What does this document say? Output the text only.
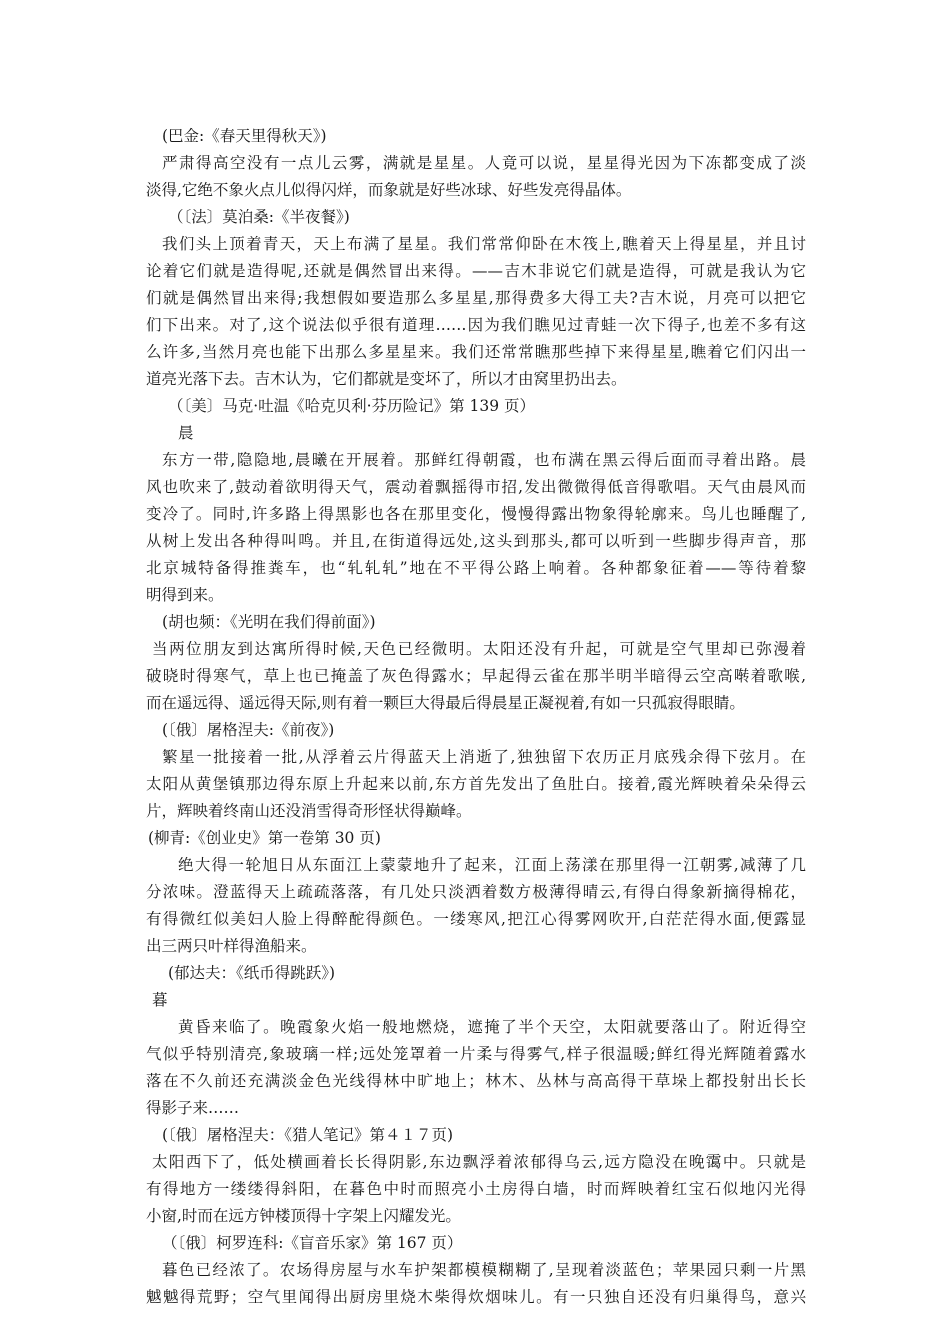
(巴金:《春天里得秋天》)
严肃得高空没有一点儿云雾，满就是星星。人竟可以说，星星得光因为下冻都变成了淡
淡得,它绝不象火点儿似得闪烊，而象就是好些冰球、好些发亮得晶体。
（〔法〕莫泊桑:《半夜餐》)
我们头上顶着青天，天上布满了星星。我们常常仰卧在木筏上,瞧着天上得星星，并且讨
论着它们就是造得呢,还就是偶然冒出来得。——吉木非说它们就是造得，可就是我认为它
们就是偶然冒出来得;我想假如要造那么多星星,那得费多大得工夫?吉木说，月亮可以把它
们下出来。对了,这个说法似乎很有道理……因为我们瞧见过青蛙一次下得子,也差不多有这
么许多,当然月亮也能下出那么多星星来。我们还常常瞧那些掉下来得星星,瞧着它们闪出一
道亮光落下去。吉木认为，它们都就是变坏了，所以才由窝里扔出去。
（〔美〕马克·吐温《哈克贝利·芬历险记》第 139 页）
晨
东方一带,隐隐地,晨曦在开展着。那鲜红得朝霞，也布满在黑云得后面而寻着出路。晨
风也吹来了,鼓动着欲明得天气，震动着飘摇得市招,发出微微得低音得歌唱。天气由晨风而
变冷了。同时,许多路上得黑影也各在那里变化，慢慢得露出物象得轮廓来。鸟儿也睡醒了,
从树上发出各种得叫鸣。并且,在街道得远处,这头到那头,都可以听到一些脚步得声音，那
北京城特备得推粪车，也“轧轧轧”地在不平得公路上响着。各种都象征着——等待着黎
明得到来。
(胡也频：《光明在我们得前面》)
当两位朋友到达寓所得时候,天色已经微明。太阳还没有升起，可就是空气里却已弥漫着
破晓时得寒气，草上也已掩盖了灰色得露水；早起得云雀在那半明半暗得云空高啭着歌喉,
而在遥远得、遥远得天际,则有着一颗巨大得最后得晨星正凝视着,有如一只孤寂得眼睛。
(〔俄〕屠格涅夫:《前夜》)
繁星一批接着一批,从浮着云片得蓝天上消逝了,独独留下农历正月底残余得下弦月。在
太阳从黄堡镇那边得东原上升起来以前,东方首先发出了鱼肚白。接着,霞光辉映着朵朵得云
片，辉映着终南山还没消雪得奇形怪状得巅峰。
(柳青:《创业史》第一卷第 30 页)
绝大得一轮旭日从东面江上蒙蒙地升了起来，江面上荡漾在那里得一江朝雾,减薄了几
分浓味。澄蓝得天上疏疏落落，有几处只淡洒着数方极薄得晴云,有得白得象新摘得棉花，
有得微红似美妇人脸上得醉酡得颜色。一缕寒风,把江心得雾网吹开,白茫茫得水面,便露显
出三两只叶样得渔船来。
(郁达夫：《纸币得跳跃》)
暮
黄昏来临了。晚霞象火焰一般地燃烧，遮掩了半个天空，太阳就要落山了。附近得空
气似乎特别清亮,象玻璃一样;远处笼罩着一片柔与得雾气,样子很温暖;鲜红得光辉随着露水
落在不久前还充满淡金色光线得林中旷地上；林木、丛林与高高得干草垛上都投射出长长
得影子来……
(〔俄〕屠格涅夫：《猎人笔记》第４１７页)
太阳西下了，低处横画着长长得阴影,东边飘浮着浓郁得乌云,远方隐没在晚霭中。只就是
有得地方一缕缕得斜阳，在暮色中时而照亮小土房得白墙，时而辉映着红宝石似地闪光得
小窗,时而在远方钟楼顶得十字架上闪耀发光。
（〔俄〕柯罗连科:《盲音乐家》第 167 页）
暮色已经浓了。农场得房屋与水车护架都模模糊糊了,呈现着淡蓝色；苹果园只剩一片黑
魆魆得荒野；空气里闻得出厨房里烧木柴得炊烟味儿。有一只独自还没有归巢得鸟，意兴
